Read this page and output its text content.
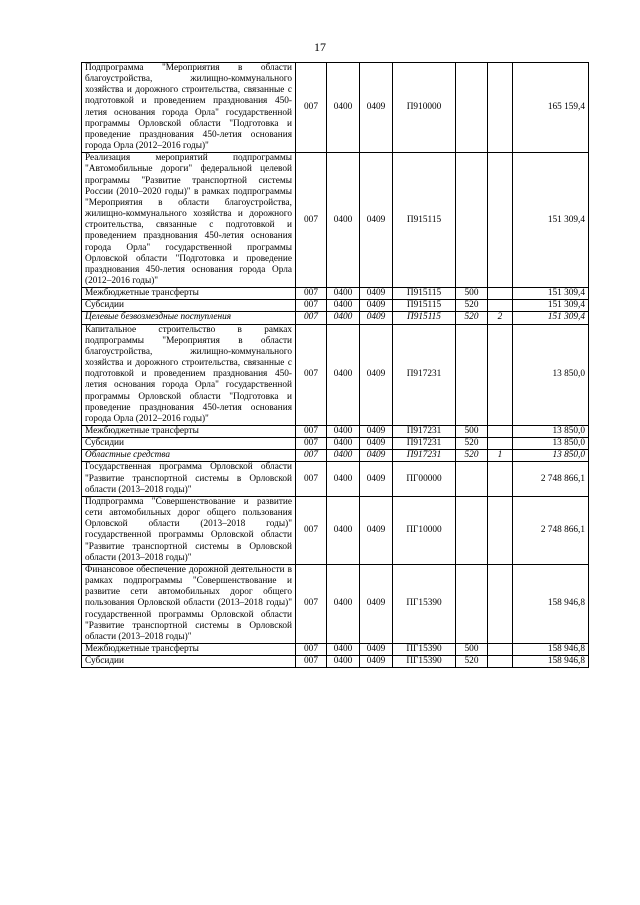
17
Подпрограмма "Мероприятия в области благоустройства, жилищно-коммунального хозяйства и дорожного строительства, связанные с подготовкой и проведением празднования 450-летия основания города Орла" государственной программы Орловской области "Подготовка и проведение празднования 450-летия основания города Орла (2012–2016 годы)"	007	0400	0409	П910000			165 159,4
Реализация мероприятий подпрограммы "Автомобильные дороги" федеральной целевой программы "Развитие транспортной системы России (2010–2020 годы)" в рамках подпрограммы "Мероприятия в области благоустройства, жилищно-коммунального хозяйства и дорожного строительства, связанные с подготовкой и проведением празднования 450-летия основания города Орла" государственной программы Орловской области "Подготовка и проведение празднования 450-летия основания города Орла (2012–2016 годы)"	007	0400	0409	П915115			151 309,4
Межбюджетные трансферты	007	0400	0409	П915115	500		151 309,4
Субсидии	007	0400	0409	П915115	520		151 309,4
Целевые безвозмездные поступления	007	0400	0409	П915115	520	2	151 309,4
Капитальное строительство в рамках подпрограммы "Мероприятия в области благоустройства, жилищно-коммунального хозяйства и дорожного строительства, связанные с подготовкой и проведением празднования 450-летия основания города Орла" государственной программы Орловской области "Подготовка и проведение празднования 450-летия основания города Орла (2012–2016 годы)"	007	0400	0409	П917231			13 850,0
Межбюджетные трансферты	007	0400	0409	П917231	500		13 850,0
Субсидии	007	0400	0409	П917231	520		13 850,0
Областные средства	007	0400	0409	П917231	520	1	13 850,0
Государственная программа Орловской области "Развитие транспортной системы в Орловской области (2013–2018 годы)"	007	0400	0409	ПГ00000			2 748 866,1
Подпрограмма "Совершенствование и развитие сети автомобильных дорог общего пользования Орловской области (2013–2018 годы)" государственной программы Орловской области "Развитие транспортной системы в Орловской области (2013–2018 годы)"	007	0400	0409	ПГ10000			2 748 866,1
Финансовое обеспечение дорожной деятельности в рамках подпрограммы "Совершенствование и развитие сети автомобильных дорог общего пользования Орловской области (2013–2018 годы)" государственной программы Орловской области "Развитие транспортной системы в Орловской области (2013–2018 годы)"	007	0400	0409	ПГ15390			158 946,8
Межбюджетные трансферты	007	0400	0409	ПГ15390	500		158 946,8
Субсидии	007	0400	0409	ПГ15390	520		158 946,8
